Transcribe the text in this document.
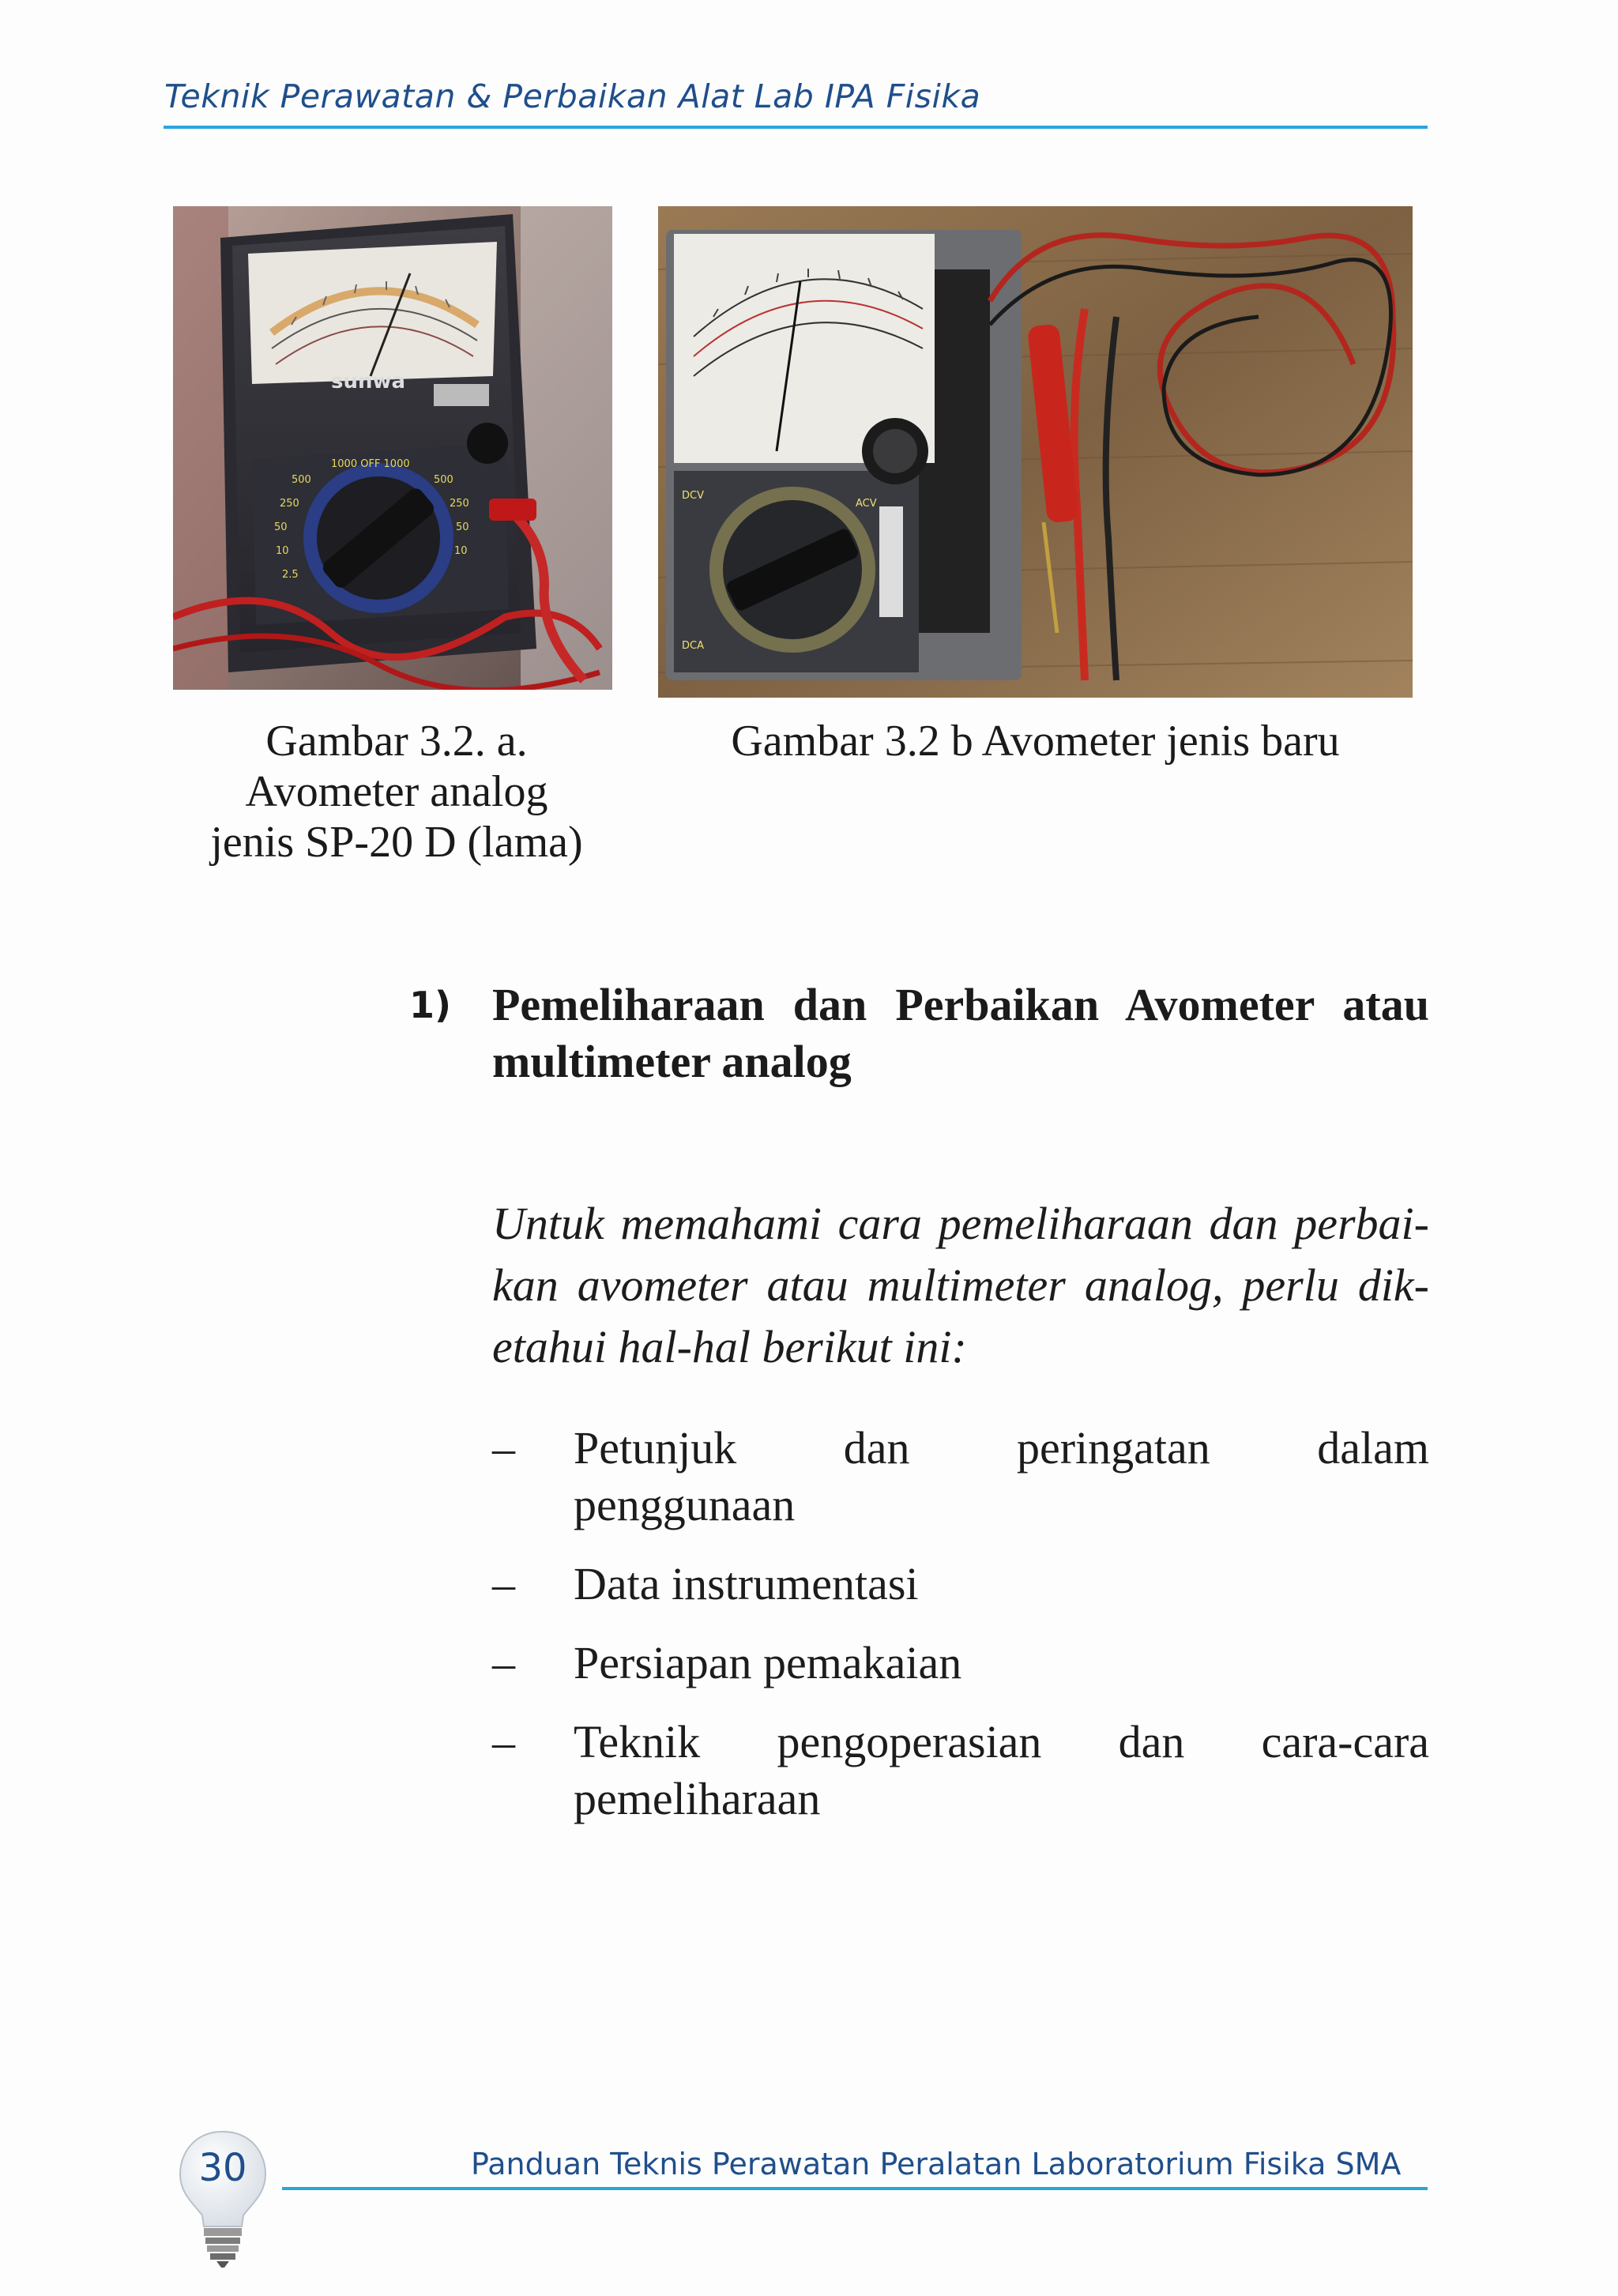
Teknik Perawatan & Perbaikan Alat Lab IPA Fisika
sunwa
500
250
50
10
2.5
500
250
50
10
1000 OFF 1000
DCV
DCA
ACV
Gambar 3.2. a.
Avometer analog
jenis SP-20 D (lama)
Gambar 3.2 b Avometer jenis baru
1) Pemeliharaan dan Perbaikan Avometer atau multimeter analog
Untuk memahami cara pemeliharaan dan perbai-kan avometer atau multimeter analog, perlu dik-etahui hal-hal berikut ini:
– Petunjuk dan peringatan dalam
penggunaan
– Data instrumentasi
– Persiapan pemakaian
– Teknik pengoperasian dan cara-cara
pemeliharaan
30	Panduan Teknis Perawatan Peralatan Laboratorium Fisika SMA
